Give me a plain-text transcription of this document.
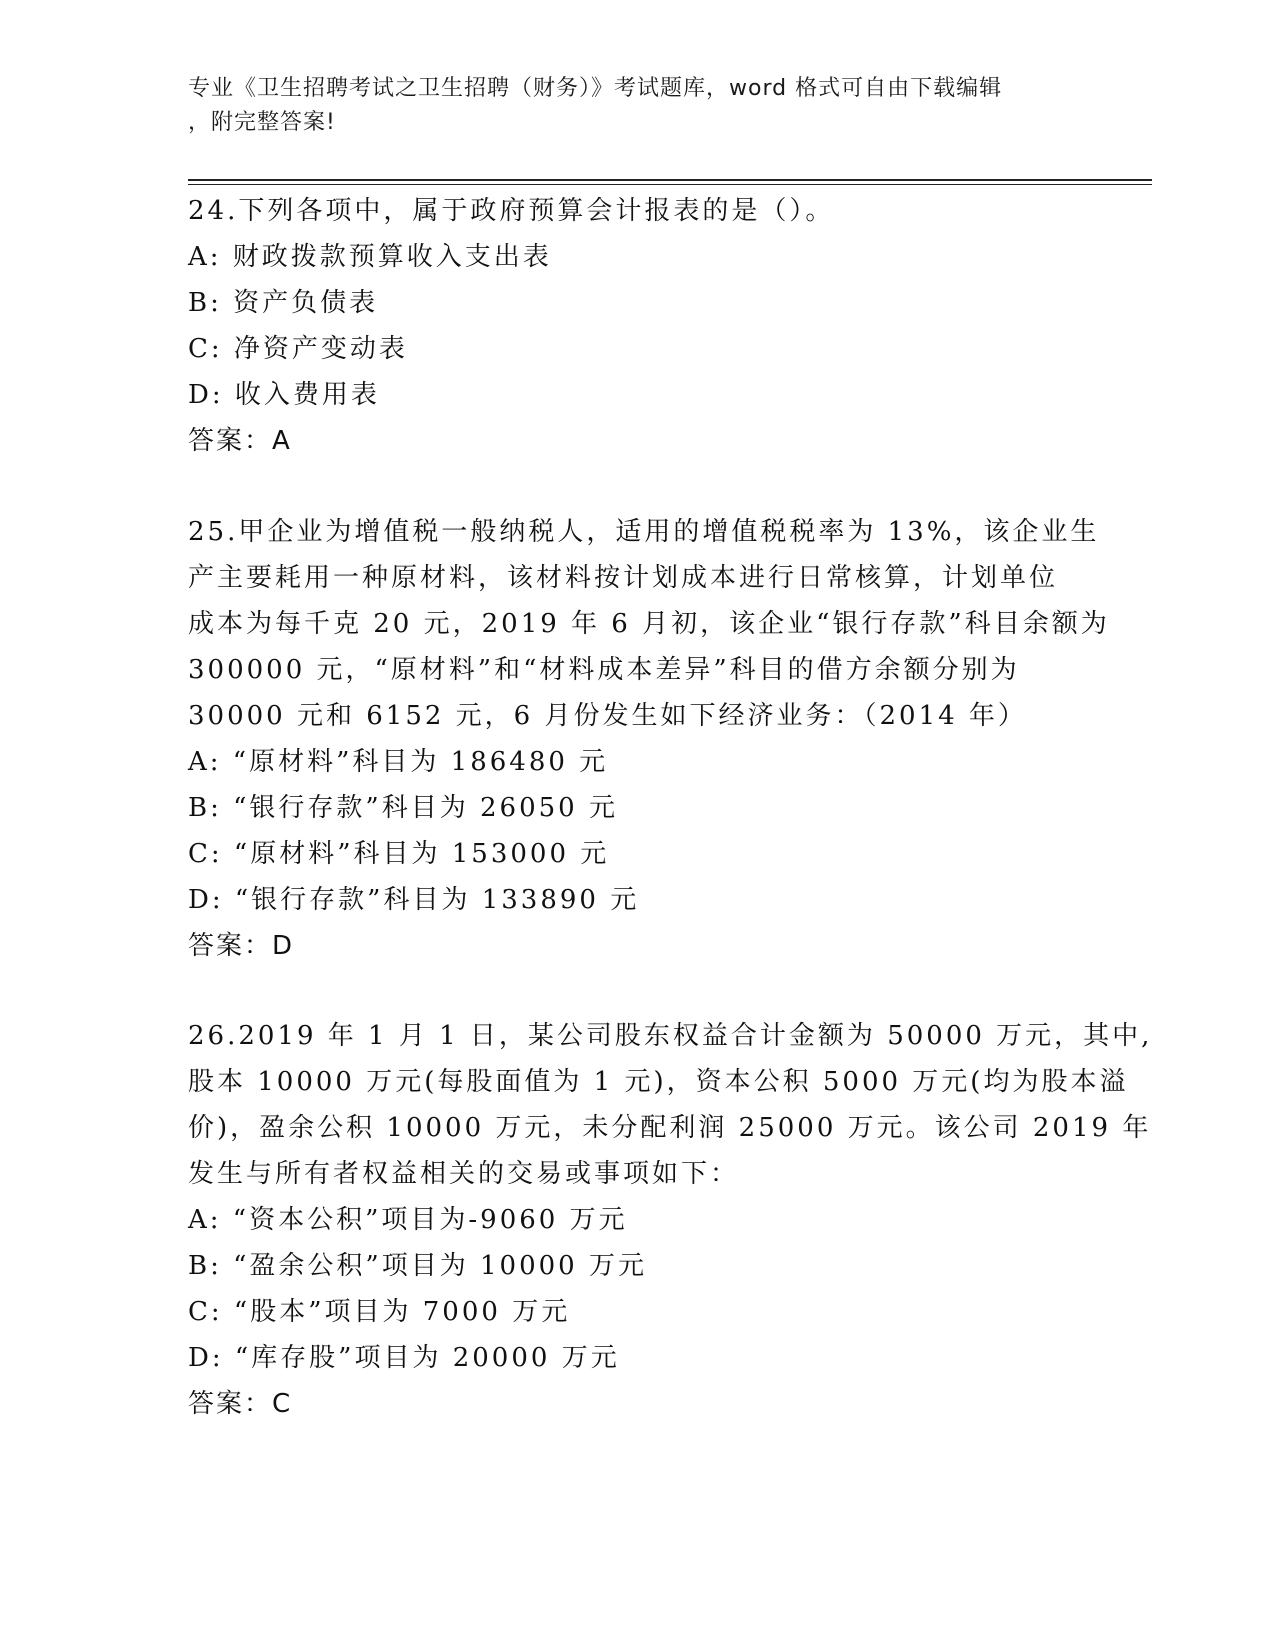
专业《卫生招聘考试之卫生招聘（财务）》考试题库，word 格式可自由下载编辑
，附完整答案!
24.下列各项中，属于政府预算会计报表的是（）。
A: 财政拨款预算收入支出表
B: 资产负债表
C: 净资产变动表
D: 收入费用表
答案：A
25.甲企业为增值税一般纳税人，适用的增值税税率为 13%，该企业生
产主要耗用一种原材料，该材料按计划成本进行日常核算，计划单位
成本为每千克 20 元，2019 年 6 月初，该企业“银行存款”科目余额为
300000 元，“原材料”和“材料成本差异”科目的借方余额分别为
30000 元和 6152 元，6 月份发生如下经济业务：（2014 年）
A: “原材料”科目为 186480 元
B: “银行存款”科目为 26050 元
C: “原材料”科目为 153000 元
D: “银行存款”科目为 133890 元
答案：D
26.2019 年 1 月 1 日，某公司股东权益合计金额为 50000 万元，其中,
股本 10000 万元(每股面值为 1 元)，资本公积 5000 万元(均为股本溢
价)，盈余公积 10000 万元，未分配利润 25000 万元。该公司 2019 年
发生与所有者权益相关的交易或事项如下：
A: “资本公积”项目为-9060 万元
B: “盈余公积”项目为 10000 万元
C: “股本”项目为 7000 万元
D: “库存股”项目为 20000 万元
答案：C
